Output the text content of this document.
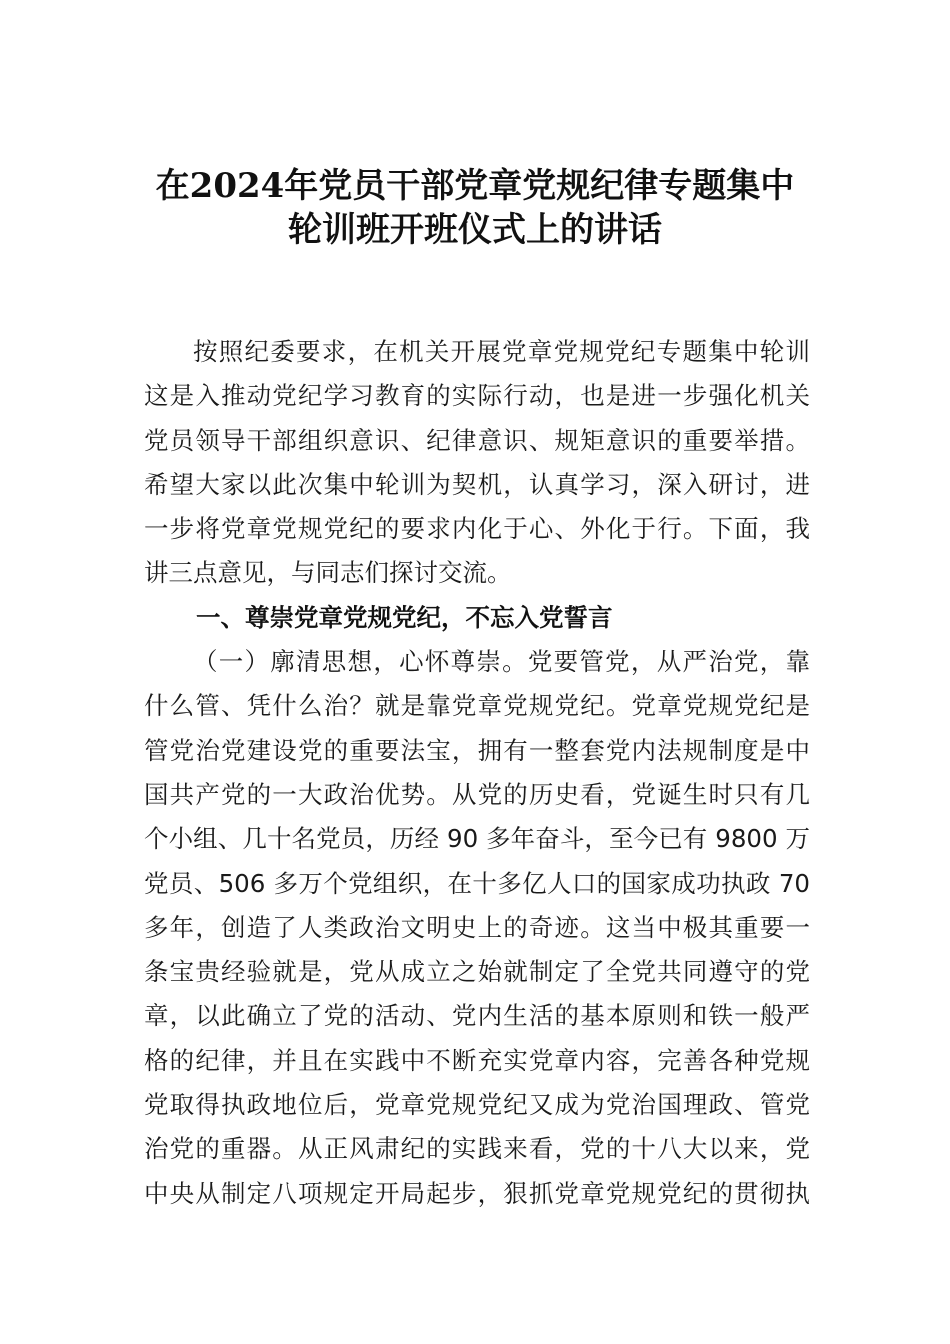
在2024年党员干部党章党规纪律专题集中
轮训班开班仪式上的讲话
按照纪委要求，在机关开展党章党规党纪专题集中轮训
这是入推动党纪学习教育的实际行动，也是进一步强化机关
党员领导干部组织意识、纪律意识、规矩意识的重要举措。
希望大家以此次集中轮训为契机，认真学习，深入研讨，进
一步将党章党规党纪的要求内化于心、外化于行。下面，我
讲三点意见，与同志们探讨交流。
一、尊崇党章党规党纪，不忘入党誓言
（一）廓清思想，心怀尊崇。党要管党，从严治党，靠
什么管、凭什么治？就是靠党章党规党纪。党章党规党纪是
管党治党建设党的重要法宝，拥有一整套党内法规制度是中
国共产党的一大政治优势。从党的历史看，党诞生时只有几
个小组、几十名党员，历经 90 多年奋斗，至今已有 9800 万
党员、506 多万个党组织，在十多亿人口的国家成功执政 70
多年，创造了人类政治文明史上的奇迹。这当中极其重要一
条宝贵经验就是，党从成立之始就制定了全党共同遵守的党
章，以此确立了党的活动、党内生活的基本原则和铁一般严
格的纪律，并且在实践中不断充实党章内容，完善各种党规
党取得执政地位后，党章党规党纪又成为党治国理政、管党
治党的重器。从正风肃纪的实践来看，党的十八大以来，党
中央从制定八项规定开局起步，狠抓党章党规党纪的贯彻执
